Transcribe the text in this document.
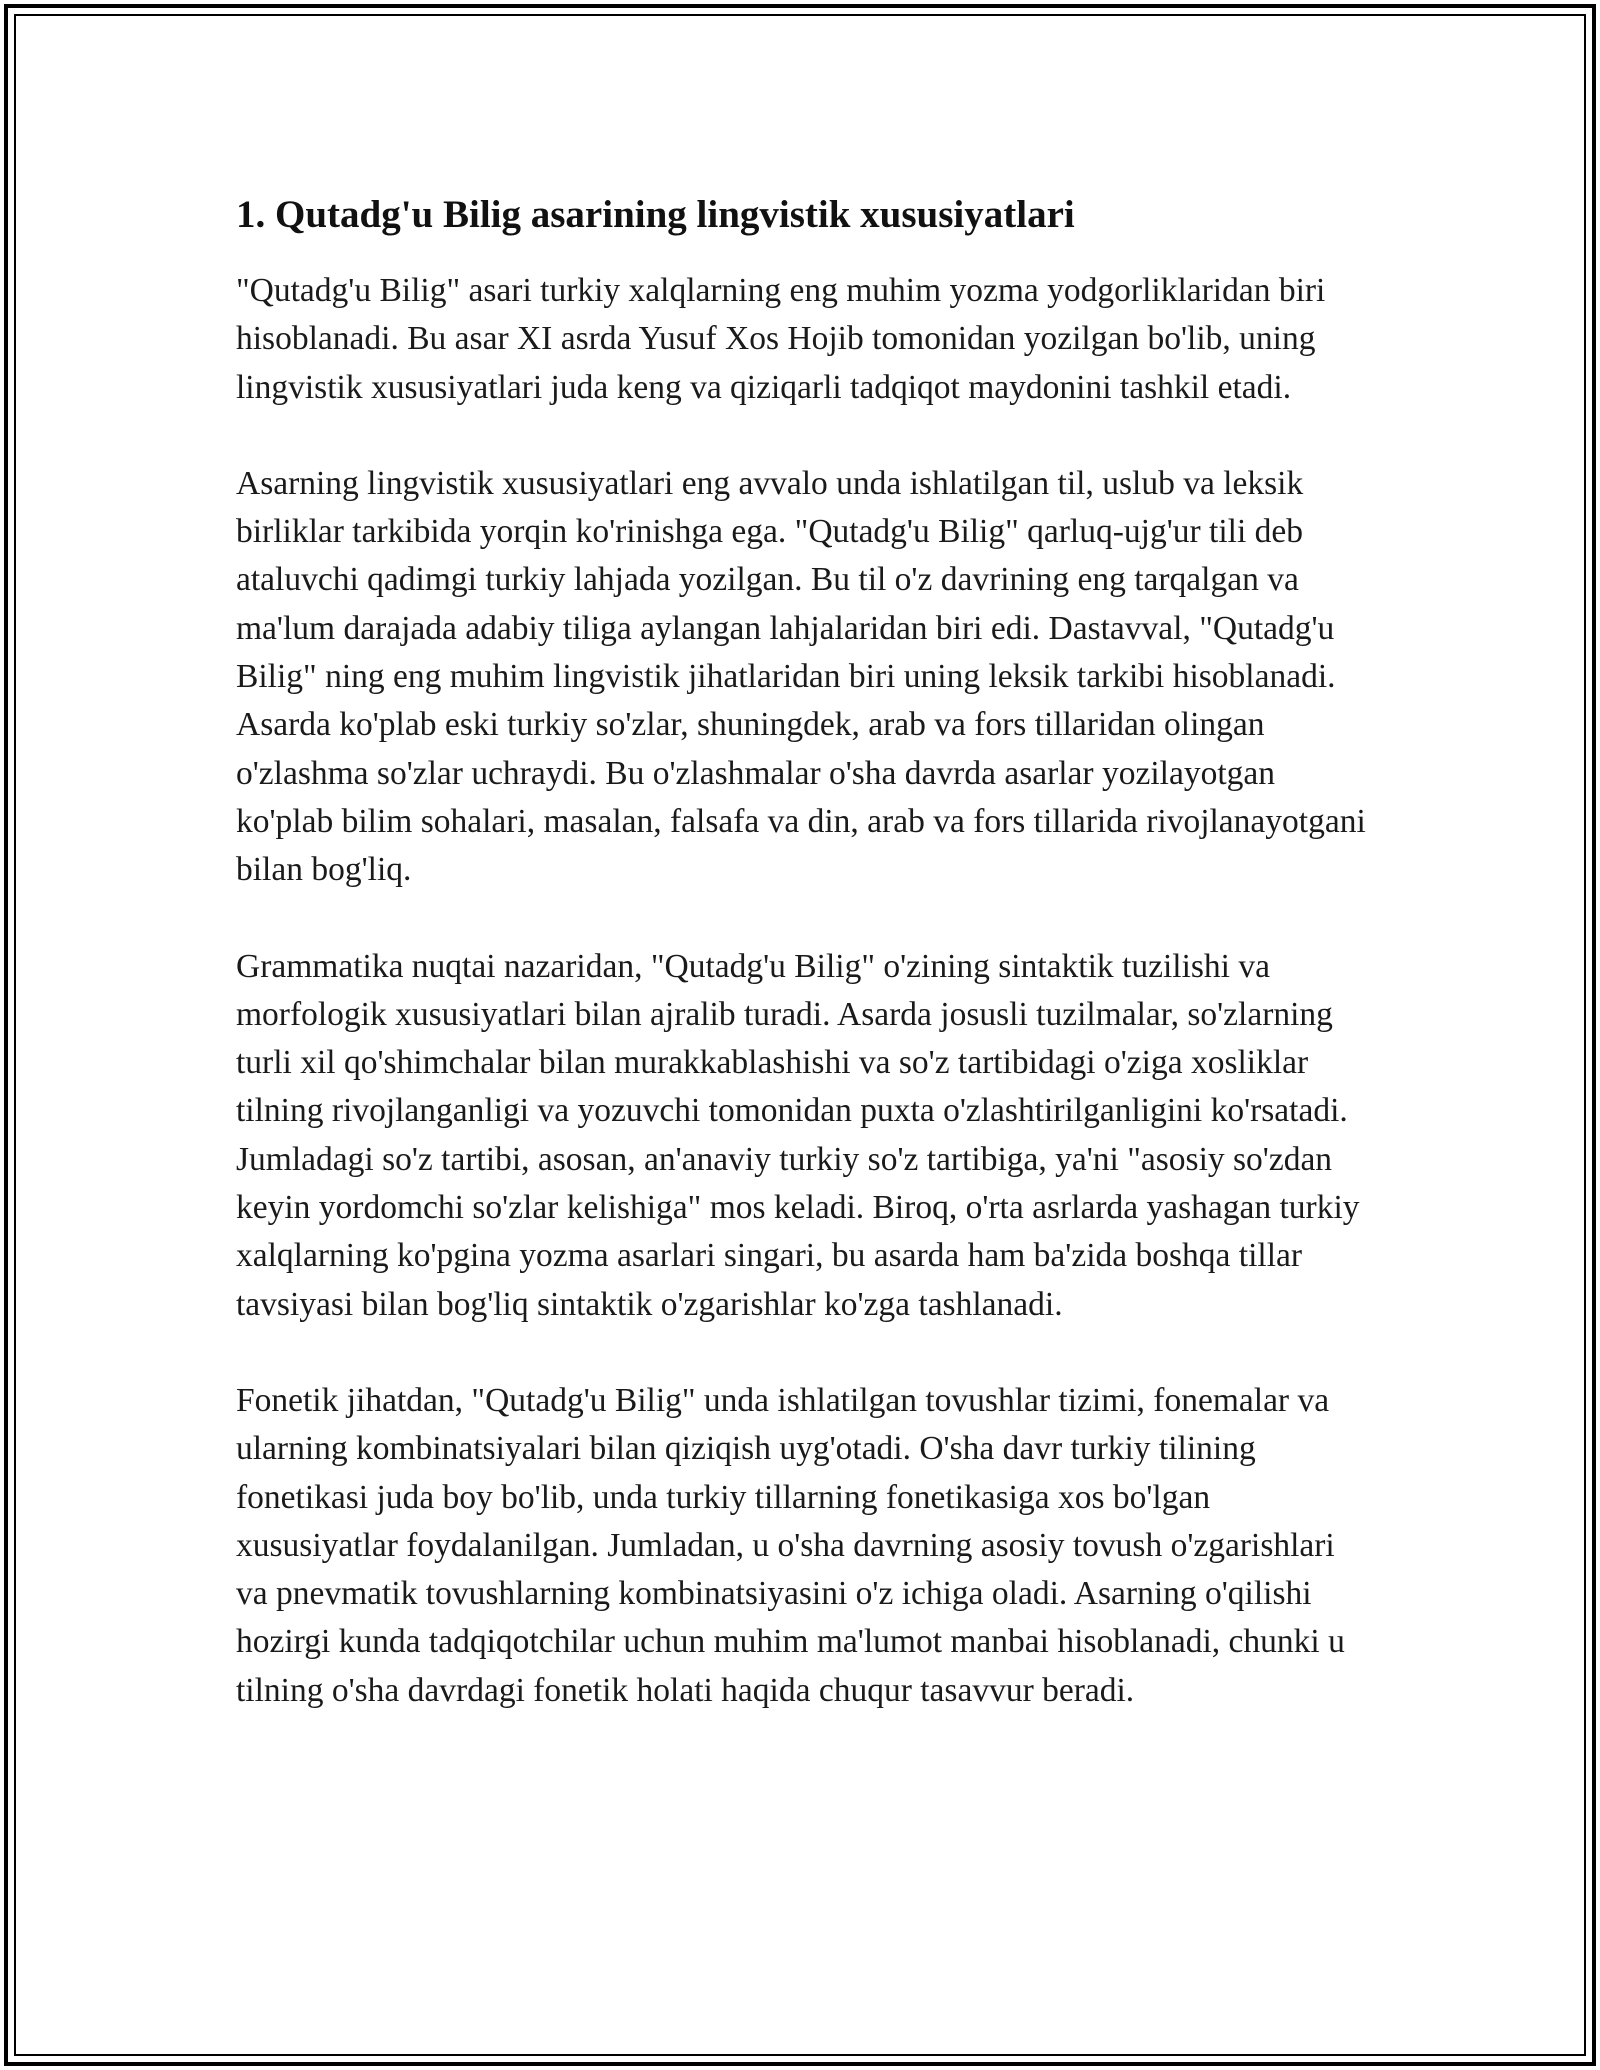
1. Qutadg'u Bilig asarining lingvistik xususiyatlari

"Qutadg'u Bilig" asari turkiy xalqlarning eng muhim yozma yodgorliklaridan biri hisoblanadi. Bu asar XI asrda Yusuf Xos Hojib tomonidan yozilgan bo'lib, uning lingvistik xususiyatlari juda keng va qiziqarli tadqiqot maydonini tashkil etadi.

Asarning lingvistik xususiyatlari eng avvalo unda ishlatilgan til, uslub va leksik birliklar tarkibida yorqin ko'rinishga ega. "Qutadg'u Bilig" qarluq-ujg'ur tili deb ataluvchi qadimgi turkiy lahjada yozilgan. Bu til o'z davrining eng tarqalgan va ma'lum darajada adabiy tiliga aylangan lahjalaridan biri edi. Dastavval, "Qutadg'u Bilig" ning eng muhim lingvistik jihatlaridan biri uning leksik tarkibi hisoblanadi. Asarda ko'plab eski turkiy so'zlar, shuningdek, arab va fors tillaridan olingan o'zlashma so'zlar uchraydi. Bu o'zlashmalar o'sha davrda asarlar yozilayotgan ko'plab bilim sohalari, masalan, falsafa va din, arab va fors tillarida rivojlanayotgani bilan bog'liq.

Grammatika nuqtai nazaridan, "Qutadg'u Bilig" o'zining sintaktik tuzilishi va morfologik xususiyatlari bilan ajralib turadi. Asarda josusli tuzilmalar, so'zlarning turli xil qo'shimchalar bilan murakkablashishi va so'z tartibidagi o'ziga xosliklar tilning rivojlanganligi va yozuvchi tomonidan puxta o'zlashtirilganligini ko'rsatadi. Jumladagi so'z tartibi, asosan, an'anaviy turkiy so'z tartibiga, ya'ni "asosiy so'zdan keyin yordomchi so'zlar kelishiga" mos keladi. Biroq, o'rta asrlarda yashagan turkiy xalqlarning ko'pgina yozma asarlari singari, bu asarda ham ba'zida boshqa tillar tavsiyasi bilan bog'liq sintaktik o'zgarishlar ko'zga tashlanadi.

Fonetik jihatdan, "Qutadg'u Bilig" unda ishlatilgan tovushlar tizimi, fonemalar va ularning kombinatsiyalari bilan qiziqish uyg'otadi. O'sha davr turkiy tilining fonetikasi juda boy bo'lib, unda turkiy tillarning fonetikasiga xos bo'lgan xususiyatlar foydalanilgan. Jumladan, u o'sha davrning asosiy tovush o'zgarishlari va pnevmatik tovushlarning kombinatsiyasini o'z ichiga oladi. Asarning o'qilishi hozirgi kunda tadqiqotchilar uchun muhim ma'lumot manbai hisoblanadi, chunki u tilning o'sha davrdagi fonetik holati haqida chuqur tasavvur beradi.
